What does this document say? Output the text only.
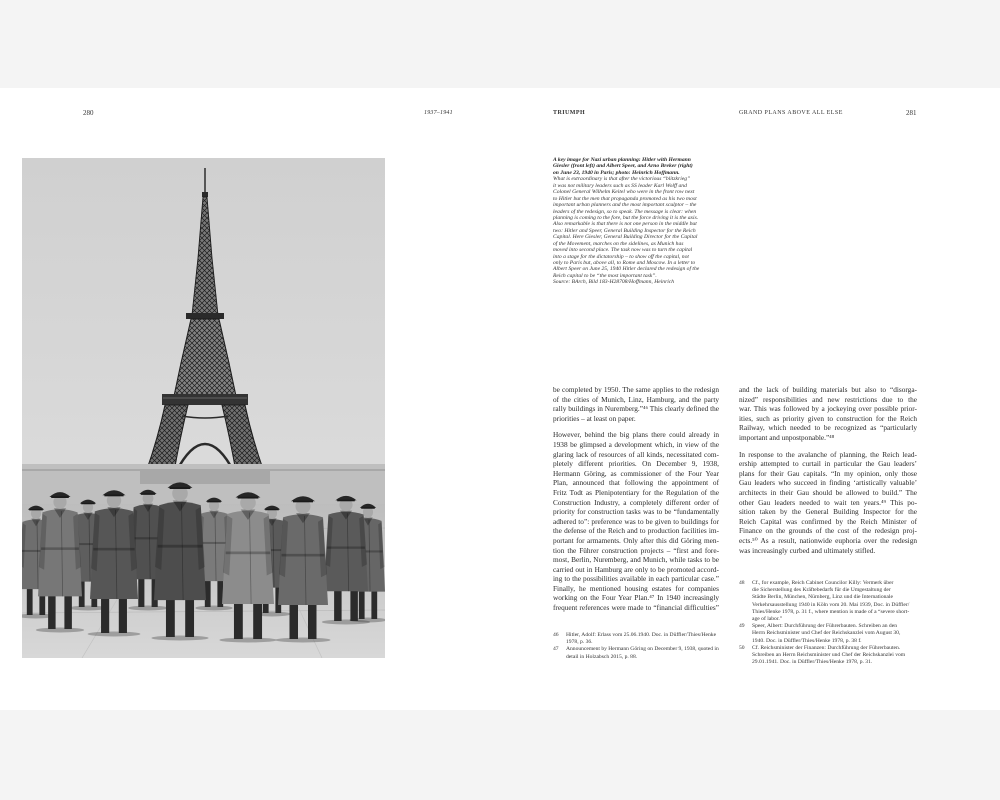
280	1937–1941	TRIUMPH	GRAND PLANS ABOVE ALL ELSE	281
A key image for Nazi urban planning: Hitler with Hermann
Giesler (front left) and Albert Speer, and Arno Breker (right)
on June 23, 1940 in Paris; photo: Heinrich Hoffmann.
What is extraordinary is that after the victorious “blitzkrieg”
it was not military leaders such as SS leader Karl Wolff and
Colonel General Wilhelm Keitel who were in the front row next
to Hitler but the men that propaganda promoted as his two most
important urban planners and the most important sculptor – the
leaders of the redesign, so to speak. The message is clear: when
planning is coming to the fore, but the force driving it is the axis.
Also remarkable is that there is not one person in the middle but
two: Hitler and Speer, General Building Inspector for the Reich
Capital. Here Giesler, General Building Director for the Capital
of the Movement, marches on the sidelines, as Munich has
moved into second place. The task now was to turn the capital
into a stage for the dictatorship – to show off the capital, not
only to Paris but, above all, to Rome and Moscow. In a letter to
Albert Speer on June 25, 1940 Hitler declared the redesign of the
Reich capital to be “the most important task”.
Source: BArch, Bild 183-H28708/Hoffmann, Heinrich
be completed by 1950. The same applies to the redesign
of the cities of Munich, Linz, Hamburg, and the party
rally buildings in Nuremberg.”⁴⁶ This clearly defined the
priorities – at least on paper.
However, behind the big plans there could already in
1938 be glimpsed a development which, in view of the
glaring lack of resources of all kinds, necessitated com-
pletely different priorities. On December 9, 1938,
Hermann Göring, as commissioner of the Four Year
Plan, announced that following the appointment of
Fritz Todt as Plenipotentiary for the Regulation of the
Construction Industry, a completely different order of
priority for construction tasks was to be “fundamentally
adhered to”: preference was to be given to buildings for
the defense of the Reich and to production facilities im-
portant for armaments. Only after this did Göring men-
tion the Führer construction projects – “first and fore-
most, Berlin, Nuremberg, and Munich, while tasks to be
carried out in Hamburg are only to be promoted accord-
ing to the possibilities available in each particular case.”
Finally, he mentioned housing estates for companies
working on the Four Year Plan.⁴⁷ In 1940 increasingly
frequent references were made to “financial difficulties”
and the lack of building materials but also to “disorga-
nized” responsibilities and new restrictions due to the
war. This was followed by a jockeying over possible prior-
ities, such as priority given to construction for the Reich
Railway, which needed to be recognized as “particularly
important and unpostponable.”⁴⁸
In response to the avalanche of planning, the Reich lead-
ership attempted to curtail in particular the Gau leaders’
plans for their Gau capitals. “In my opinion, only those
Gau leaders who succeed in finding ‘artistically valuable’
architects in their Gau should be allowed to build.” The
other Gau leaders needed to wait ten years.⁴⁹ This po-
sition taken by the General Building Inspector for the
Reich Capital was confirmed by the Reich Minister of
Finance on the grounds of the cost of the redesign proj-
ects.⁵⁰ As a result, nationwide euphoria over the redesign
was increasingly curbed and ultimately stifled.
46 Hitler, Adolf: Erlass vom 25.06.1940. Doc. in Düffler/Thies/Henke
1978, p. 36.
47 Announcement by Hermann Göring on December 9, 1938, quoted in
detail in Holzabsch 2015, p. 88.
48 Cf., for example, Reich Cabinet Councilor Killy: Vermerk über
die Sicherstellung des Kräftebedarfs für die Umgestaltung der
Städte Berlin, München, Nürnberg, Linz und die Internationale
Verkehrsausstellung 1940 in Köln vom 20. Mai 1939, Doc. in Düffler/
Thies/Henke 1978, p. 31 f., where mention is made of a “severe short-
age of labor.”
49 Speer, Albert: Durchführung der Führerbauten. Schreiben an den
Herrn Reichsminister und Chef der Reichskanzlei vom August 30,
1940. Doc. in Düffler/Thies/Henke 1978, p. 38 f.
50 Cf. Reichsminister der Finanzen: Durchführung der Führerbauten.
Schreiben an Herrn Reichsminister und Chef der Reichskanzlei vom
29.01.1941. Doc. in Düffler/Thies/Henke 1978, p. 31.
